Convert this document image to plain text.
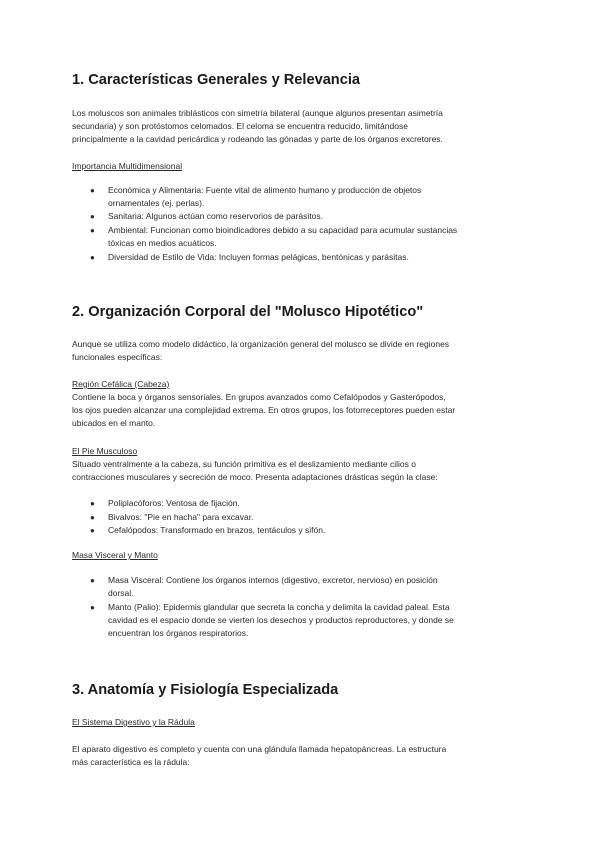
1. Características Generales y Relevancia
Los moluscos son animales triblásticos con simetría bilateral (aunque algunos presentan asimetría
secundaria) y son protóstomos celomados. El celoma se encuentra reducido, limitándose
principalmente a la cavidad pericárdica y rodeando las gónadas y parte de los órganos excretores.
Importancia Multidimensional
● Económica y Alimentaria: Fuente vital de alimento humano y producción de objetos
ornamentales (ej. perlas).
● Sanitaria: Algunos actúan como reservorios de parásitos.
● Ambiental: Funcionan como bioindicadores debido a su capacidad para acumular sustancias
tóxicas en medios acuáticos.
● Diversidad de Estilo de Vida: Incluyen formas pelágicas, bentónicas y parásitas.
2. Organización Corporal del "Molusco Hipotético"
Aunque se utiliza como modelo didáctico, la organización general del molusco se divide en regiones
funcionales específicas:
Región Cefálica (Cabeza)
Contiene la boca y órganos sensoriales. En grupos avanzados como Cefalópodos y Gasterópodos,
los ojos pueden alcanzar una complejidad extrema. En otros grupos, los fotorreceptores pueden estar
ubicados en el manto.
El Pie Musculoso
Situado ventralmente a la cabeza, su función primitiva es el deslizamiento mediante cilios o
contracciones musculares y secreción de moco. Presenta adaptaciones drásticas según la clase:
● Poliplacóforos: Ventosa de fijación.
● Bivalvos: "Pie en hacha" para excavar.
● Cefalópodos: Transformado en brazos, tentáculos y sifón.
Masa Visceral y Manto
● Masa Visceral: Contiene los órganos internos (digestivo, excretor, nervioso) en posición
dorsal.
● Manto (Palio): Epidermis glandular que secreta la concha y delimita la cavidad paleal. Esta
cavidad es el espacio donde se vierten los desechos y productos reproductores, y donde se
encuentran los órganos respiratorios.
3. Anatomía y Fisiología Especializada
El Sistema Digestivo y la Rádula
El aparato digestivo es completo y cuenta con una glándula llamada hepatopáncreas. La estructura
más característica es la rádula:
